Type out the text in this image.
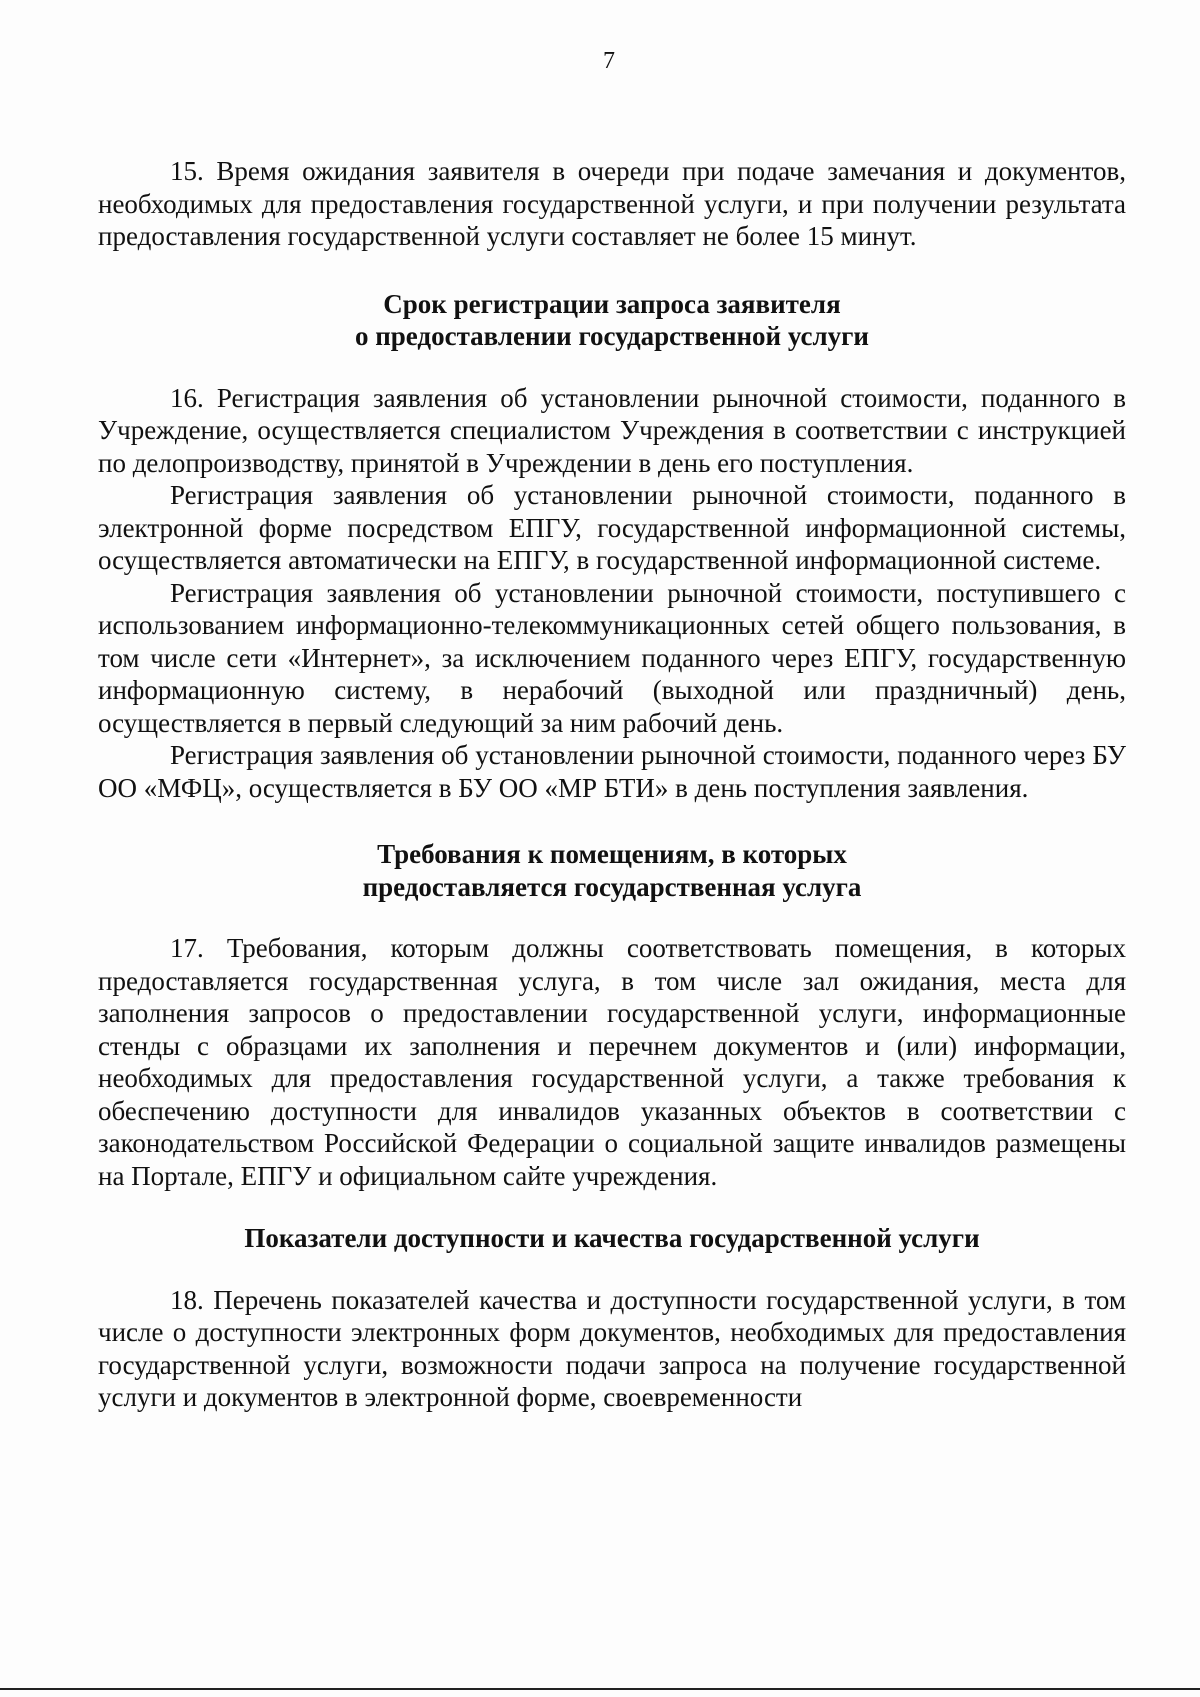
7

15. Время ожидания заявителя в очереди при подаче замечания и документов, необходимых для предоставления государственной услуги, и при получении результата предоставления государственной услуги составляет не более 15 минут.

Срок регистрации запроса заявителя
о предоставлении государственной услуги

16. Регистрация заявления об установлении рыночной стоимости, поданного в Учреждение, осуществляется специалистом Учреждения в соответствии с инструкцией по делопроизводству, принятой в Учреждении в день его поступления.

Регистрация заявления об установлении рыночной стоимости, поданного в электронной форме посредством ЕПГУ, государственной информационной системы, осуществляется автоматически на ЕПГУ, в государственной информационной системе.

Регистрация заявления об установлении рыночной стоимости, поступившего с использованием информационно-телекоммуникационных сетей общего пользования, в том числе сети «Интернет», за исключением поданного через ЕПГУ, государственную информационную систему, в нерабочий (выходной или праздничный) день, осуществляется в первый следующий за ним рабочий день.

Регистрация заявления об установлении рыночной стоимости, поданного через БУ ОО «МФЦ», осуществляется в БУ ОО «МР БТИ» в день поступления заявления.

Требования к помещениям, в которых
предоставляется государственная услуга

17. Требования, которым должны соответствовать помещения, в которых предоставляется государственная услуга, в том числе зал ожидания, места для заполнения запросов о предоставлении государственной услуги, информационные стенды с образцами их заполнения и перечнем документов и (или) информации, необходимых для предоставления государственной услуги, а также требования к обеспечению доступности для инвалидов указанных объектов в соответствии с законодательством Российской Федерации о социальной защите инвалидов размещены на Портале, ЕПГУ и официальном сайте учреждения.

Показатели доступности и качества государственной услуги

18. Перечень показателей качества и доступности государственной услуги, в том числе о доступности электронных форм документов, необходимых для предоставления государственной услуги, возможности подачи запроса на получение государственной услуги и документов в электронной форме, своевременности
